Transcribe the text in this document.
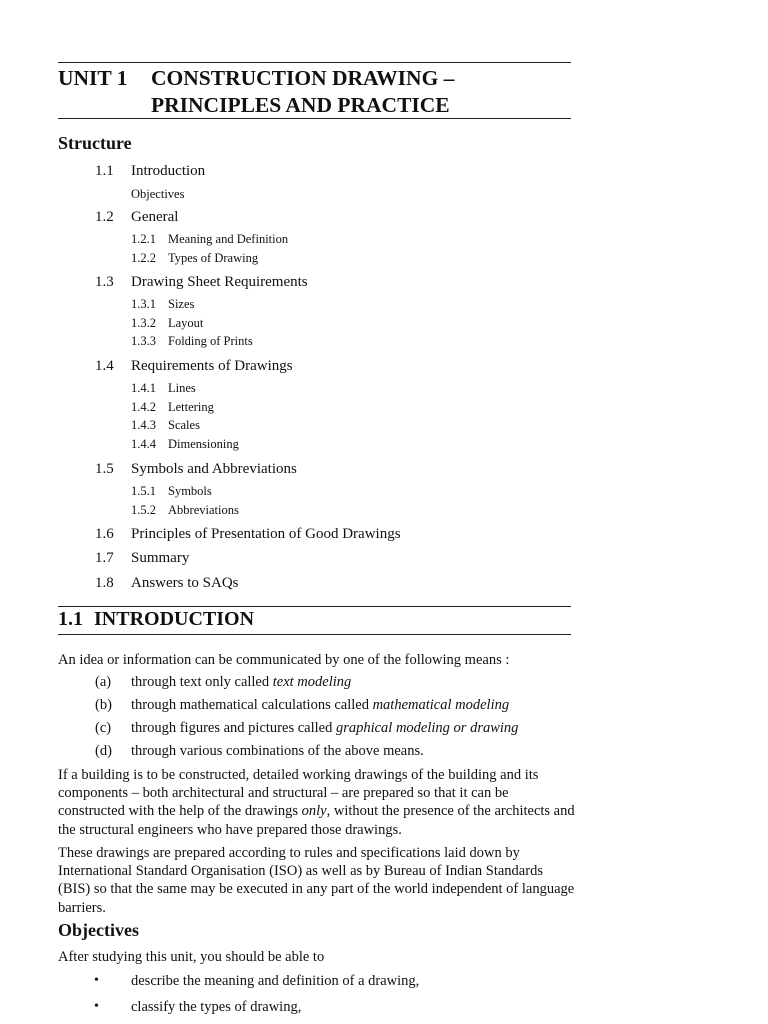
UNIT 1 CONSTRUCTION DRAWING –
PRINCIPLES AND PRACTICE
Structure
1.1 Introduction
Objectives
1.2 General
1.2.1 Meaning and Definition
1.2.2 Types of Drawing
1.3 Drawing Sheet Requirements
1.3.1 Sizes
1.3.2 Layout
1.3.3 Folding of Prints
1.4 Requirements of Drawings
1.4.1 Lines
1.4.2 Lettering
1.4.3 Scales
1.4.4 Dimensioning
1.5 Symbols and Abbreviations
1.5.1 Symbols
1.5.2 Abbreviations
1.6 Principles of Presentation of Good Drawings
1.7 Summary
1.8 Answers to SAQs
1.1 INTRODUCTION
An idea or information can be communicated by one of the following means :
(a) through text only called text modeling
(b) through mathematical calculations called mathematical modeling
(c) through figures and pictures called graphical modeling or drawing
(d) through various combinations of the above means.
If a building is to be constructed, detailed working drawings of the building and its components – both architectural and structural – are prepared so that it can be constructed with the help of the drawings only, without the presence of the architects and the structural engineers who have prepared those drawings.
These drawings are prepared according to rules and specifications laid down by International Standard Organisation (ISO) as well as by Bureau of Indian Standards (BIS) so that the same may be executed in any part of the world independent of language barriers.
Objectives
After studying this unit, you should be able to
• describe the meaning and definition of a drawing,
• classify the types of drawing,
